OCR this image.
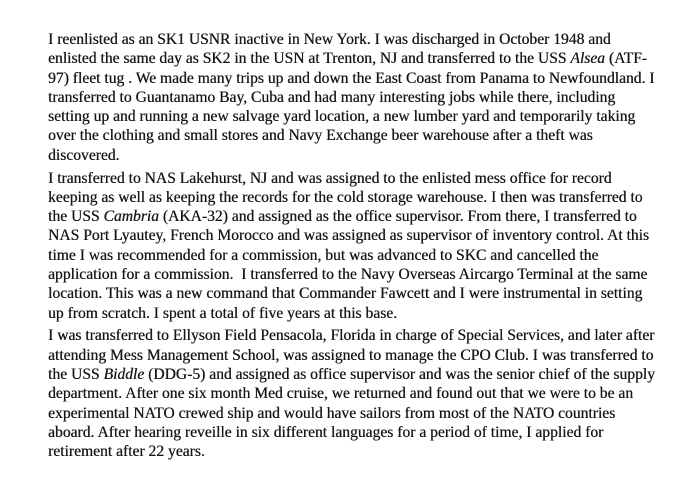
I reenlisted as an SK1 USNR inactive in New York. I was discharged in October 1948 and
enlisted the same day as SK2 in the USN at Trenton, NJ and transferred to the USS Alsea (ATF-
97) fleet tug . We made many trips up and down the East Coast from Panama to Newfoundland. I
transferred to Guantanamo Bay, Cuba and had many interesting jobs while there, including
setting up and running a new salvage yard location, a new lumber yard and temporarily taking
over the clothing and small stores and Navy Exchange beer warehouse after a theft was
discovered.
I transferred to NAS Lakehurst, NJ and was assigned to the enlisted mess office for record
keeping as well as keeping the records for the cold storage warehouse. I then was transferred to
the USS Cambria (AKA-32) and assigned as the office supervisor. From there, I transferred to
NAS Port Lyautey, French Morocco and was assigned as supervisor of inventory control. At this
time I was recommended for a commission, but was advanced to SKC and cancelled the
application for a commission.  I transferred to the Navy Overseas Aircargo Terminal at the same
location. This was a new command that Commander Fawcett and I were instrumental in setting
up from scratch. I spent a total of five years at this base.
I was transferred to Ellyson Field Pensacola, Florida in charge of Special Services, and later after
attending Mess Management School, was assigned to manage the CPO Club. I was transferred to
the USS Biddle (DDG-5) and assigned as office supervisor and was the senior chief of the supply
department. After one six month Med cruise, we returned and found out that we were to be an
experimental NATO crewed ship and would have sailors from most of the NATO countries
aboard. After hearing reveille in six different languages for a period of time, I applied for
retirement after 22 years.
